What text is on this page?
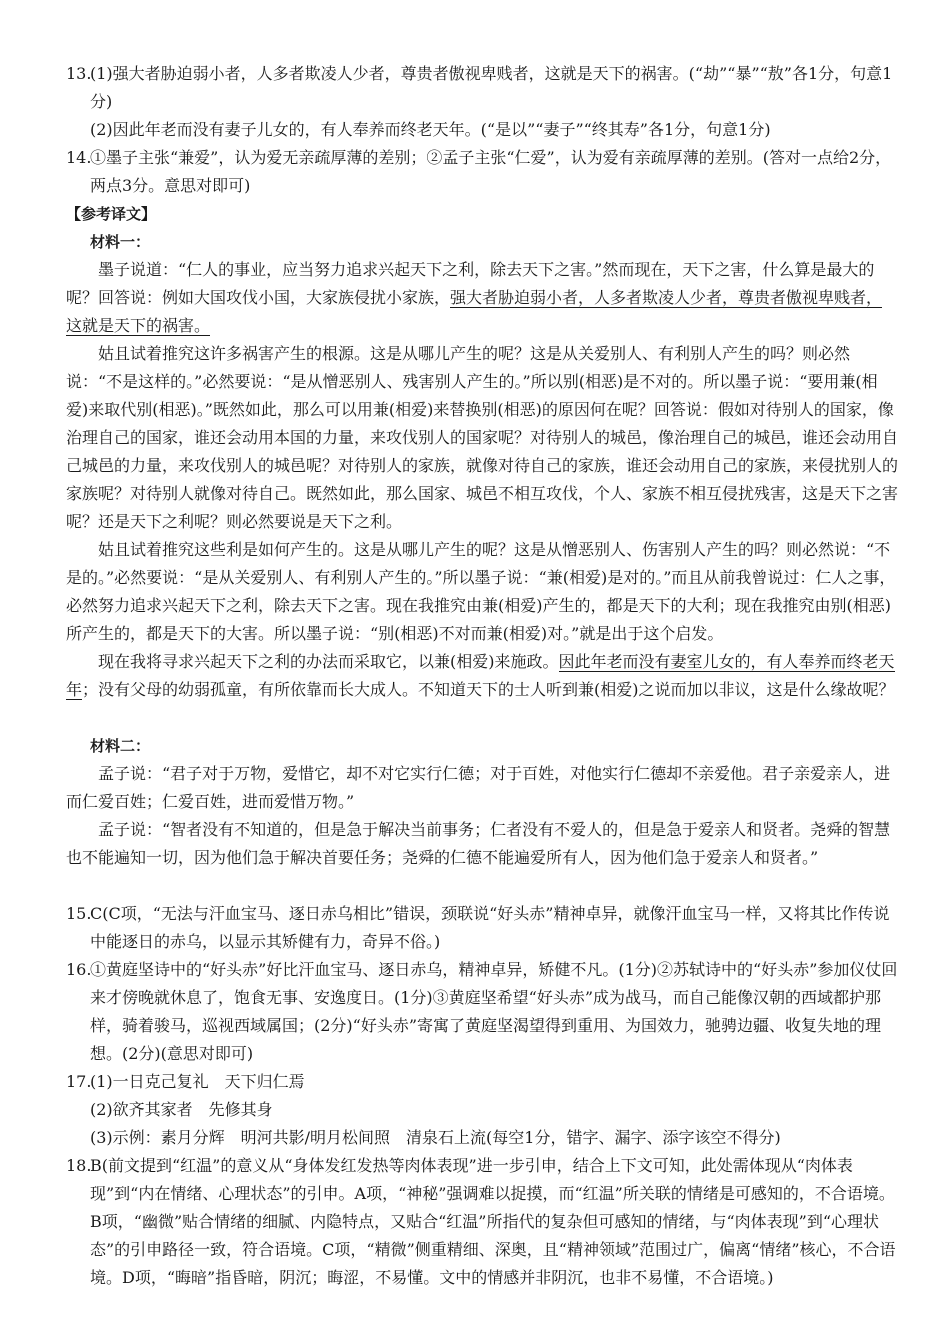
13.
(1)强大者胁迫弱小者，人多者欺凌人少者，尊贵者傲视卑贱者，这就是天下的祸害。(“劫”“暴”“敖”各1分，句意1分)
(2)因此年老而没有妻子儿女的，有人奉养而终老天年。(“是以”“妻子”“终其寿”各1分，句意1分)
14.
①墨子主张“兼爱”，认为爱无亲疏厚薄的差别；②孟子主张“仁爱”，认为爱有亲疏厚薄的差别。(答对一点给2分，两点3分。意思对即可)
【参考译文】
材料一：

墨子说道：“仁人的事业，应当努力追求兴起天下之利，除去天下之害。”然而现在，天下之害，什么算是最大的呢？回答说：例如大国攻伐小国，大家族侵扰小家族，强大者胁迫弱小者，人多者欺凌人少者，尊贵者傲视卑贱者，这就是天下的祸害。

姑且试着推究这许多祸害产生的根源。这是从哪儿产生的呢？这是从关爱别人、有利别人产生的吗？则必然说：“不是这样的。”必然要说：“是从憎恶别人、残害别人产生的。”所以别(相恶)是不对的。所以墨子说：“要用兼(相爱)来取代别(相恶)。”既然如此，那么可以用兼(相爱)来替换别(相恶)的原因何在呢？回答说：假如对待别人的国家，像治理自己的国家，谁还会动用本国的力量，来攻伐别人的国家呢？对待别人的城邑，像治理自己的城邑，谁还会动用自己城邑的力量，来攻伐别人的城邑呢？对待别人的家族，就像对待自己的家族，谁还会动用自己的家族，来侵扰别人的家族呢？对待别人就像对待自己。既然如此，那么国家、城邑不相互攻伐，个人、家族不相互侵扰残害，这是天下之害呢？还是天下之利呢？则必然要说是天下之利。

姑且试着推究这些利是如何产生的。这是从哪儿产生的呢？这是从憎恶别人、伤害别人产生的吗？则必然说：“不是的。”必然要说：“是从关爱别人、有利别人产生的。”所以墨子说：“兼(相爱)是对的。”而且从前我曾说过：仁人之事，必然努力追求兴起天下之利，除去天下之害。现在我推究由兼(相爱)产生的，都是天下的大利；现在我推究由别(相恶)所产生的，都是天下的大害。所以墨子说：“别(相恶)不对而兼(相爱)对。”就是出于这个启发。

现在我将寻求兴起天下之利的办法而采取它，以兼(相爱)来施政。因此年老而没有妻室儿女的，有人奉养而终老天年；没有父母的幼弱孤童，有所依靠而长大成人。不知道天下的士人听到兼(相爱)之说而加以非议，这是什么缘故呢？

材料二：

孟子说：“君子对于万物，爱惜它，却不对它实行仁德；对于百姓，对他实行仁德却不亲爱他。君子亲爱亲人，进而仁爱百姓；仁爱百姓，进而爱惜万物。”

孟子说：“智者没有不知道的，但是急于解决当前事务；仁者没有不爱人的，但是急于爱亲人和贤者。尧舜的智慧也不能遍知一切，因为他们急于解决首要任务；尧舜的仁德不能遍爱所有人，因为他们急于爱亲人和贤者。”

15.
C(C项，“无法与汗血宝马、逐日赤乌相比”错误，颈联说“好头赤”精神卓异，就像汗血宝马一样，又将其比作传说中能逐日的赤乌，以显示其矫健有力，奇异不俗。)
16.
①黄庭坚诗中的“好头赤”好比汗血宝马、逐日赤乌，精神卓异，矫健不凡。(1分)②苏轼诗中的“好头赤”参加仪仗回来才傍晚就休息了，饱食无事、安逸度日。(1分)③黄庭坚希望“好头赤”成为战马，而自己能像汉朝的西域都护那样，骑着骏马，巡视西域属国；(2分)“好头赤”寄寓了黄庭坚渴望得到重用、为国效力，驰骋边疆、收复失地的理想。(2分)(意思对即可)
17.
(1)一日克己复礼　天下归仁焉
(2)欲齐其家者　先修其身
(3)示例：素月分辉　明河共影/明月松间照　清泉石上流(每空1分，错字、漏字、添字该空不得分)
18.
B(前文提到“红温”的意义从“身体发红发热等肉体表现”进一步引申，结合上下文可知，此处需体现从“肉体表现”到“内在情绪、心理状态”的引申。A项，“神秘”强调难以捉摸，而“红温”所关联的情绪是可感知的，不合语境。B项，“幽微”贴合情绪的细腻、内隐特点，又贴合“红温”所指代的复杂但可感知的情绪，与“肉体表现”到“心理状态”的引申路径一致，符合语境。C项，“精微”侧重精细、深奥，且“精神领域”范围过广，偏离“情绪”核心，不合语境。D项，“晦暗”指昏暗，阴沉；晦涩，不易懂。文中的情感并非阴沉，也非不易懂，不合语境。)
